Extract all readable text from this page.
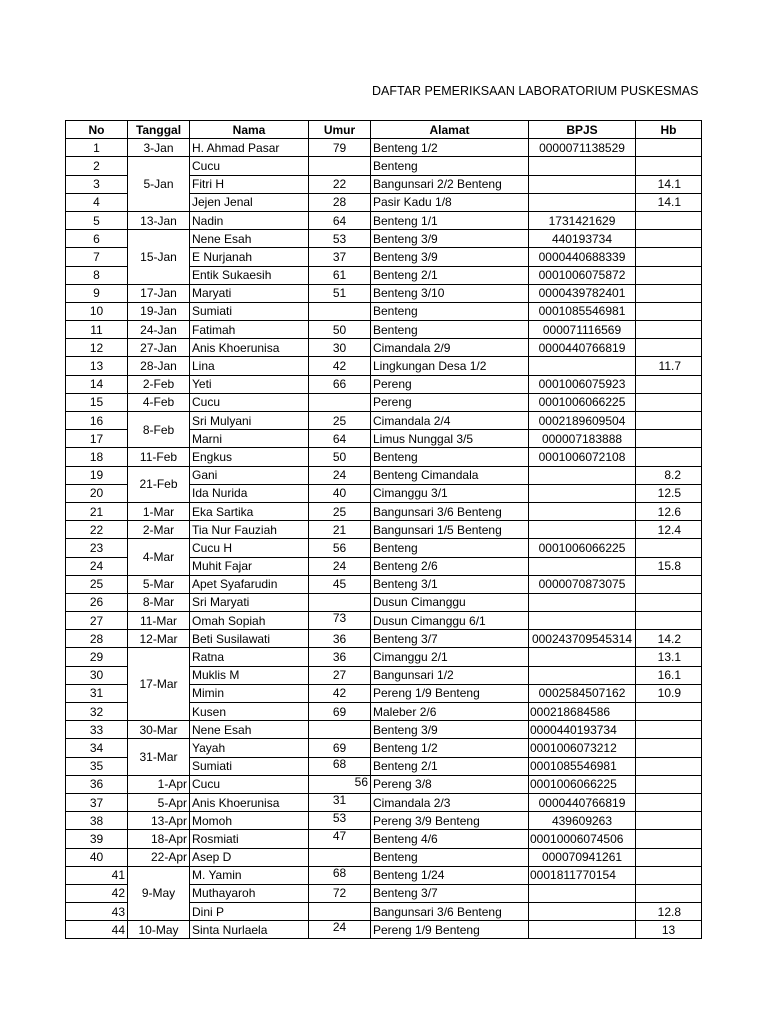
DAFTAR PEMERIKSAAN LABORATORIUM PUSKESMAS
No	Tanggal	Nama	Umur	Alamat	BPJS	Hb
1	3-Jan	H. Ahmad Pasar	79	Benteng 1/2	0000071138529	
2	5-Jan	Cucu		Benteng		
3		Fitri H	22	Bangunsari 2/2 Benteng		14.1
4		Jejen Jenal	28	Pasir Kadu 1/8		14.1
5	13-Jan	Nadin	64	Benteng 1/1	1731421629	
6	15-Jan	Nene Esah	53	Benteng 3/9	440193734	
7		E Nurjanah	37	Benteng 3/9	0000440688339	
8		Entik Sukaesih	61	Benteng 2/1	0001006075872	
9	17-Jan	Maryati	51	Benteng 3/10	0000439782401	
10	19-Jan	Sumiati		Benteng	0001085546981	
11	24-Jan	Fatimah	50	Benteng	000071116569	
12	27-Jan	Anis Khoerunisa	30	Cimandala 2/9	0000440766819	
13	28-Jan	Lina	42	Lingkungan Desa 1/2		11.7
14	2-Feb	Yeti	66	Pereng	0001006075923	
15	4-Feb	Cucu		Pereng	0001006066225	
16	8-Feb	Sri Mulyani	25	Cimandala 2/4	0002189609504	
17		Marni	64	Limus Nunggal 3/5	000007183888	
18	11-Feb	Engkus	50	Benteng	0001006072108	
19	21-Feb	Gani	24	Benteng Cimandala		8.2
20		Ida Nurida	40	Cimanggu 3/1		12.5
21	1-Mar	Eka Sartika	25	Bangunsari 3/6 Benteng		12.6
22	2-Mar	Tia Nur Fauziah	21	Bangunsari 1/5 Benteng		12.4
23	4-Mar	Cucu H	56	Benteng	0001006066225	
24		Muhit Fajar	24	Benteng 2/6		15.8
25	5-Mar	Apet Syafarudin	45	Benteng 3/1	0000070873075	
26	8-Mar	Sri Maryati		Dusun Cimanggu		
27	11-Mar	Omah Sopiah	73	Dusun Cimanggu 6/1		
28	12-Mar	Beti Susilawati	36	Benteng 3/7	000243709545314	14.2
29	17-Mar	Ratna	36	Cimanggu 2/1		13.1
30		Muklis M	27	Bangunsari 1/2		16.1
31		Mimin	42	Pereng 1/9 Benteng	0002584507162	10.9
32		Kusen	69	Maleber 2/6	000218684586	
33	30-Mar	Nene Esah		Benteng 3/9	0000440193734	
34	31-Mar	Yayah	69	Benteng 1/2	0001006073212	
35		Sumiati	68	Benteng 2/1	0001085546981	
36	1-Apr	Cucu	56	Pereng 3/8	0001006066225	
37	5-Apr	Anis Khoerunisa	31	Cimandala 2/3	0000440766819	
38	13-Apr	Momoh	53	Pereng 3/9 Benteng	439609263	
39	18-Apr	Rosmiati	47	Benteng 4/6	00010006074506	
40	22-Apr	Asep D		Benteng	000070941261	
41	9-May	M. Yamin	68	Benteng 1/24	0001811770154	
42		Muthayaroh	72	Benteng 3/7		
43		Dini P		Bangunsari 3/6 Benteng		12.8
44	10-May	Sinta Nurlaela	24	Pereng 1/9 Benteng		13
